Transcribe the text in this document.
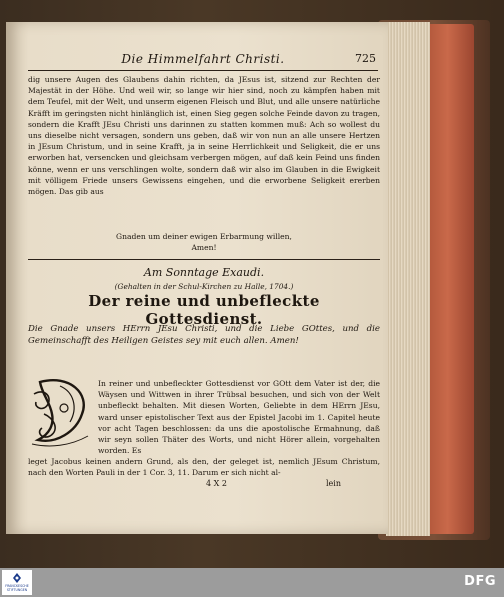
Die Himmelfahrt Christi.	725
dig unsere Augen des Glaubens dahin richten, da JEsus ist, sitzend zur Rechten der Majestät in der Höhe. Und weil wir, so lange wir hier sind, noch zu kämpfen haben mit dem Teufel, mit der Welt, und unserm eigenen Fleisch und Blut, und alle unsere natürliche Kräfft im geringsten nicht hinlänglich ist, einen Sieg gegen solche Feinde davon zu tragen, sondern die Krafft JEsu Christi uns darinnen zu statten kommen muß: Ach so wollest du uns dieselbe nicht versagen, sondern uns geben, daß wir von nun an alle unsere Hertzen in JEsum Christum, und in seine Krafft, ja in seine Herrlichkeit und Seligkeit, die er uns erworben hat, versencken und gleichsam verbergen mögen, auf daß kein Feind uns finden könne, wenn er uns verschlingen wolte, sondern daß wir also im Glauben in die Ewigkeit mit völligem Friede unsers Gewissens eingehen, und die erworbene Seligkeit ererben mögen. Das gib aus
Gnaden um deiner ewigen Erbarmung willen,
Amen!
Am Sonntage Exaudi.
(Gehalten in der Schul-Kirchen zu Halle, 1704.)
Der reine und unbefleckte Gottesdienst.
Die Gnade unsers HErrn JEsu Christi, und die Liebe GOttes, und die Gemeinschafft des Heiligen Geistes sey mit euch allen. Amen!
In reiner und unbefleckter Gottesdienst vor GOtt dem Vater ist der, die Wäysen und Wittwen in ihrer Trübsal besuchen, und sich von der Welt unbefleckt behalten. Mit diesen Worten, Geliebte in dem HErrn JEsu, ward unser epistolischer Text aus der Epistel Jacobi im 1. Capitel heute vor acht Tagen beschlossen: da uns die apostolische Ermahnung, daß wir seyn sollen Thäter des Worts, und nicht Hörer allein, vorgehalten worden. Es
leget Jacobus keinen andern Grund, als den, der geleget ist, nemlich JEsum Christum, nach den Worten Pauli in der 1 Cor. 3, 11. Darum er sich nicht al-
4 X 2	lein
FRANCKESCHE STIFTUNGEN
DFG
